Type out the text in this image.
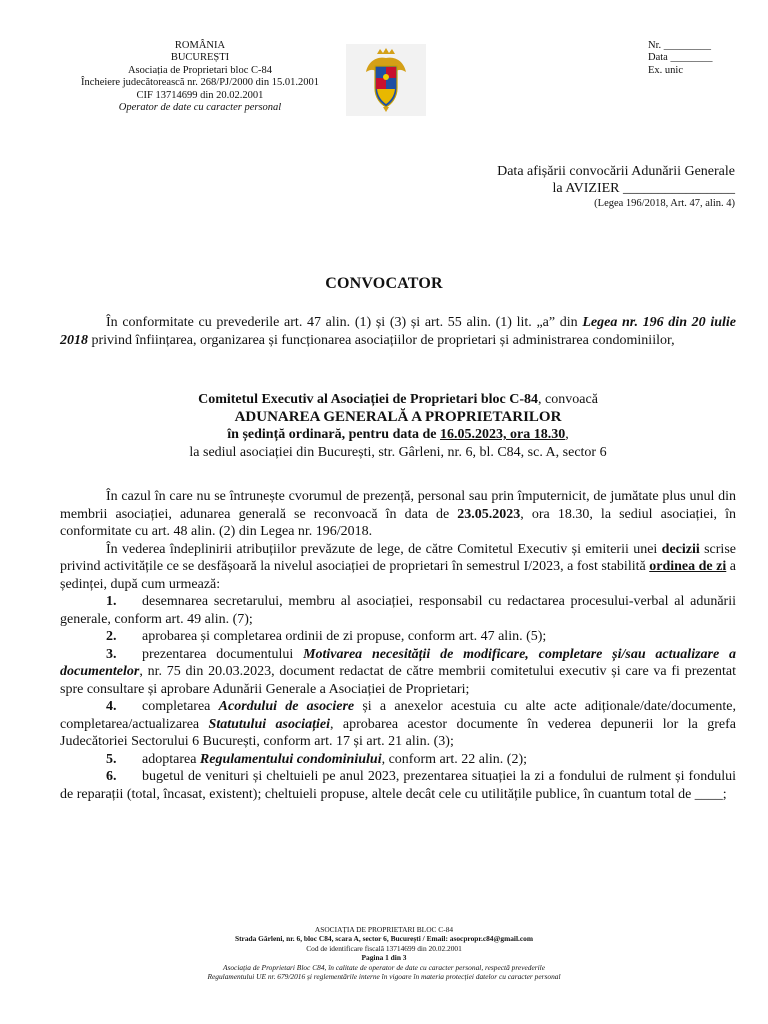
ROMÂNIA
BUCUREȘTI
Asociația de Proprietari bloc C-84
Încheiere judecătorească nr. 268/PJ/2000 din 15.01.2001
CIF 13714699 din 20.02.2001
Operator de date cu caracter personal
Nr. _________
Data ________
Ex. unic
Data afișării convocării Adunării Generale
la AVIZIER ________________
(Legea 196/2018, Art. 47, alin. 4)
CONVOCATOR

În conformitate cu prevederile art. 47 alin. (1) și (3) și art. 55 alin. (1) lit. „a” din Legea nr. 196 din 20 iulie 2018 privind înființarea, organizarea și funcționarea asociațiilor de proprietari și administrarea condominiilor,

Comitetul Executiv al Asociației de Proprietari bloc C-84, convoacă
ADUNAREA GENERALĂ A PROPRIETARILOR
în ședință ordinară, pentru data de 16.05.2023, ora 18.30,
la sediul asociației din București, str. Gârleni, nr. 6, bl. C84, sc. A, sector 6

În cazul în care nu se întrunește cvorumul de prezență, personal sau prin împuternicit, de jumătate plus unul din membrii asociației, adunarea generală se reconvoacă în data de 23.05.2023, ora 18.30, la sediul asociației, în conformitate cu art. 48 alin. (2) din Legea nr. 196/2018.

În vederea îndeplinirii atribuțiilor prevăzute de lege, de către Comitetul Executiv și emiterii unei decizii scrise privind activitățile ce se desfășoară la nivelul asociației de proprietari în semestrul I/2023, a fost stabilită ordinea de zi a ședinței, după cum urmează:

1. desemnarea secretarului, membru al asociației, responsabil cu redactarea procesului-verbal al adunării generale, conform art. 49 alin. (7);

2. aprobarea și completarea ordinii de zi propuse, conform art. 47 alin. (5);

3. prezentarea documentului Motivarea necesității de modificare, completare și/sau actualizare a documentelor, nr. 75 din 20.03.2023, document redactat de către membrii comitetului executiv și care va fi prezentat spre consultare și aprobare Adunării Generale a Asociației de Proprietari;

4. completarea Acordului de asociere și a anexelor acestuia cu alte acte adiționale/date/documente, completarea/actualizarea Statutului asociației, aprobarea acestor documente în vederea depunerii lor la grefa Judecătoriei Sectorului 6 București, conform art. 17 și art. 21 alin. (3);

5. adoptarea Regulamentului condominiului, conform art. 22 alin. (2);

6. bugetul de venituri și cheltuieli pe anul 2023, prezentarea situației la zi a fondului de rulment și fondului de reparații (total, încasat, existent); cheltuieli propuse, altele decât cele cu utilitățile publice, în cuantum total de ____;

ASOCIAȚIA DE PROPRIETARI BLOC C-84
Strada Gârleni, nr. 6, bloc C84, scara A, sector 6, București / Email: asocpropr.c84@gmail.com
Cod de identificare fiscală 13714699 din 20.02.2001
Pagina 1 din 3
Asociația de Proprietari Bloc C84, în calitate de operator de date cu caracter personal, respectă prevederile
Regulamentului UE nr. 679/2016 și reglementările interne în vigoare în materia protecției datelor cu caracter personal
